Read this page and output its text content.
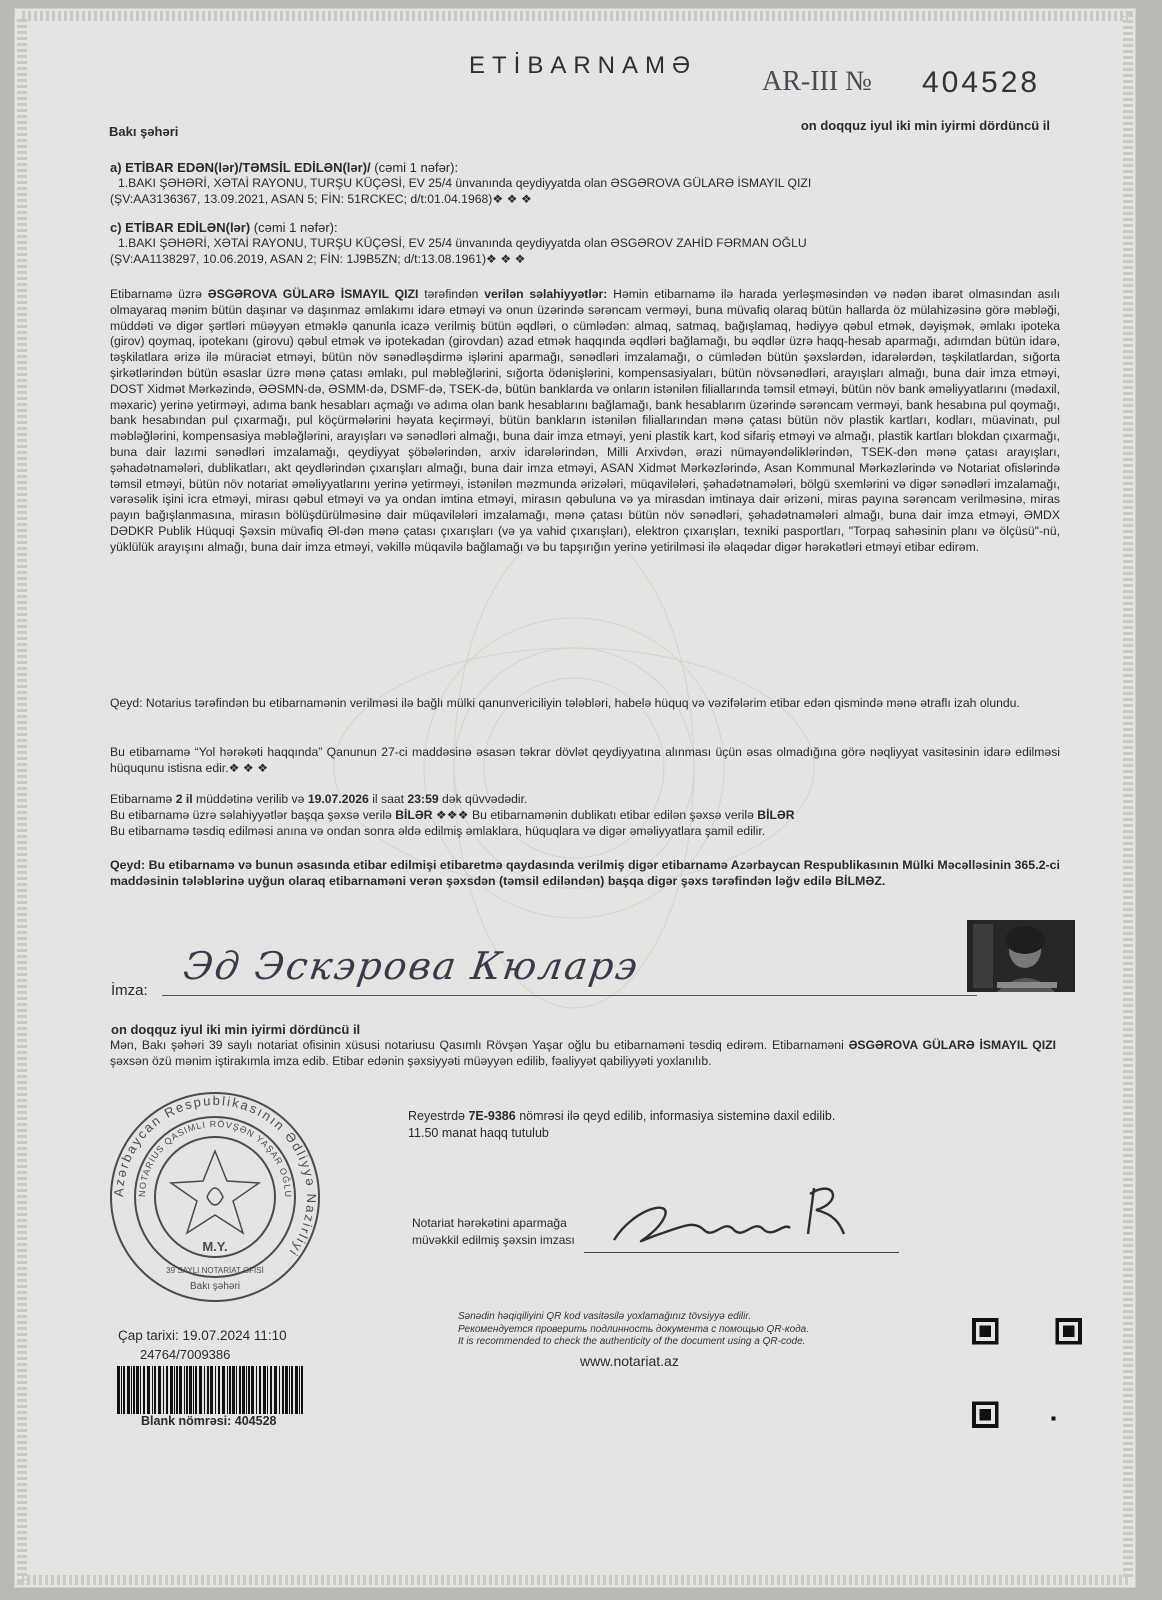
ETİBARNAMƏ
AR-III № 404528
Bakı şəhəri	on doqquz iyul iki min iyirmi dördüncü il
a) ETİBAR EDƏN(lər)/TƏMSİL EDİLƏN(lər)/ (cəmi 1 nəfər):
1.BAKI ŞƏHƏRİ, XƏTAİ RAYONU, TURŞU KÜÇƏSİ, EV 25/4 ünvanında qeydiyyatda olan ƏSGƏROVA GÜLARƏ İSMAYIL QIZI
(ŞV:AA3136367, 13.09.2021, ASAN 5; FİN: 51RCKEC; d/t:01.04.1968)❖ ❖ ❖
c) ETİBAR EDİLƏN(lər) (cəmi 1 nəfər):
1.BAKI ŞƏHƏRİ, XƏTAİ RAYONU, TURŞU KÜÇƏSİ, EV 25/4 ünvanında qeydiyyatda olan ƏSGƏROV ZAHİD FƏRMAN OĞLU
(ŞV:AA1138297, 10.06.2019, ASAN 2; FİN: 1J9B5ZN; d/t:13.08.1961)❖ ❖ ❖
Etibarnamə üzrə ƏSGƏROVA GÜLARƏ İSMAYIL QIZI tərəfindən verilən səlahiyyətlər: Həmin etibarnamə ilə harada yerləşməsindən və nədən ibarət olmasından asılı olmayaraq mənim bütün daşınar və daşınmaz əmlakımı idarə etməyi və onun üzərində sərəncam verməyi, buna müvafiq olaraq bütün hallarda öz mülahizəsinə görə məbləği, müddəti və digər şərtləri müəyyən etməklə qanunla icazə verilmiş bütün əqdləri, o cümlədən: almaq, satmaq, bağışlamaq, hədiyyə qəbul etmək, dəyişmək, əmlakı ipoteka (girov) qoymaq, ipotekanı (girovu) qəbul etmək və ipotekadan (girovdan) azad etmək haqqında əqdləri bağlamağı, bu əqdlər üzrə haqq-hesab aparmağı, adımdan bütün idarə, təşkilatlara ərizə ilə müraciət etməyi, bütün növ sənədləşdirmə işlərini aparmağı, sənədləri imzalamağı, o cümlədən bütün şəxslərdən, idarələrdən, təşkilatlardan, sığorta şirkətlərindən bütün əsaslar üzrə mənə çatası əmlakı, pul məbləğlərini, sığorta ödənişlərini, kompensasiyaları, bütün növsənədləri, arayışları almağı, buna dair imza etməyi, DOST Xidmət Mərkəzində, ƏƏSMN-də, ƏSMM-də, DSMF-də, TSEK-də, bütün banklarda və onların istənilən filiallarında təmsil etməyi, bütün növ bank əməliyyatlarını (mədaxil, məxaric) yerinə yetirməyi, adıma bank hesabları açmağı və adıma olan bank hesablarını bağlamağı, bank hesablarım üzərində sərəncam verməyi, bank hesabına pul qoymağı, bank hesabından pul çıxarmağı, pul köçürmələrini həyata keçirməyi, bütün bankların istənilən filiallarından mənə çatası bütün növ plastik kartları, kodları, müavinatı, pul məbləğlərini, kompensasiya məbləğlərini, arayışları və sənədləri almağı, buna dair imza etməyi, yeni plastik kart, kod sifariş etməyi və almağı, plastik kartları blokdan çıxarmağı, buna dair lazımi sənədləri imzalamağı, qeydiyyat şöbələrindən, arxiv idarələrindən, Milli Arxivdən, ərazi nümayəndəliklərindən, TSEK-dən mənə çatası arayışları, şəhadətnamələri, dublikatları, akt qeydlərindən çıxarışları almağı, buna dair imza etməyi, ASAN Xidmət Mərkəzlərində, Asan Kommunal Mərkəzlərində və Notariat ofislərində təmsil etməyi, bütün növ notariat əməliyyatlarını yerinə yetirməyi, istənilən məzmunda ərizələri, müqavilələri, şəhadətnamələri, bölgü sxemlərini və digər sənədləri imzalamağı, vərəsəlik işini icra etməyi, mirası qəbul etməyi və ya ondan imtina etməyi, mirasın qəbuluna və ya mirasdan imtinaya dair ərizəni, miras payına sərəncam verilməsinə, miras payın bağışlanmasına, mirasın bölüşdürülməsinə dair müqavilələri imzalamağı, mənə çatası bütün növ sənədləri, şəhadətnamələri almağı, buna dair imza etməyi, ƏMDX DƏDKR Publik Hüquqi Şəxsin müvafiq Əl-dən mənə çatası çıxarışları (və ya vahid çıxarışları), elektron çıxarışları, texniki pasportları, "Torpaq sahəsinin planı və ölçüsü"-nü, yüklülük arayışını almağı, buna dair imza etməyi, vəkillə müqavilə bağlamağı və bu tapşırığın yerinə yetirilməsi ilə əlaqədar digər hərəkətləri etməyi etibar edirəm.
Qeyd: Notarius tərəfindən bu etibarnamənin verilməsi ilə bağlı mülki qanunvericiliyin tələbləri, habelə hüquq və vəzifələrim etibar edən qismində mənə ətraflı izah olundu.
Bu etibarnamə “Yol hərəkəti haqqında” Qanunun 27-ci maddəsinə əsasən təkrar dövlət qeydiyyatına alınması üçün əsas olmadığına görə nəqliyyat vasitəsinin idarə edilməsi hüququnu istisna edir.❖ ❖ ❖
Etibarnamə 2 il müddətinə verilib və 19.07.2026 il saat 23:59 dək qüvvədədir.
Bu etibarnamə üzrə səlahiyyətlər başqa şəxsə verilə BİLƏR ❖❖❖ Bu etibarnamənin dublikatı etibar edilən şəxsə verilə BİLƏR
Bu etibarnamə təsdiq edilməsi anına və ondan sonra əldə edilmiş əmlaklara, hüquqlara və digər əməliyyatlara şamil edilir.
Qeyd: Bu etibarnamə və bunun əsasında etibar edilmişi etibaretmə qaydasında verilmiş digər etibarnamə Azərbaycan Respublikasının Mülki Məcəlləsinin 365.2-ci maddəsinin tələblərinə uyğun olaraq etibarnaməni verən şəxsdən (təmsil ediləndən) başqa digər şəxs tərəfindən ləğv edilə BİLMƏZ.
İmza:
Эд Эскэрова Кюларэ
on doqquz iyul iki min iyirmi dördüncü il
Mən, Bakı şəhəri 39 saylı notariat ofisinin xüsusi notariusu Qasımlı Rövşən Yaşar oğlu bu etibarnaməni təsdiq edirəm. Etibarnaməni ƏSGƏROVA GÜLARƏ İSMAYIL QIZI şəxsən özü mənim iştirakımla imza edib. Etibar edənin şəxsiyyəti müəyyən edilib, fəaliyyət qabiliyyəti yoxlanılıb.
Azərbaycan Respublikasının Ədliyyə Nazirliyi
NOTARİUS QASIMLI RÖVŞƏN YAŞAR OĞLU
M.Y.
39 SAYLI NOTARİAT OFİSİ
Bakı şəhəri
Reyestrdə 7E-9386 nömrəsi ilə qeyd edilib, informasiya sisteminə daxil edilib.
11.50 manat haqq tutulub
Notariat hərəkətini aparmağa
müvəkkil edilmiş şəxsin imzası
Sənədin həqiqiliyini QR kod vasitəsilə yoxlamağınız tövsiyyə edilir.
Рекомендуется проверить подлинность документа с помощью QR-кода.
It is recommended to check the authenticity of the document using a QR-code.
www.notariat.az
Çap tarixi: 19.07.2024 11:10
24764/7009386
Blank nömrəsi: 404528
